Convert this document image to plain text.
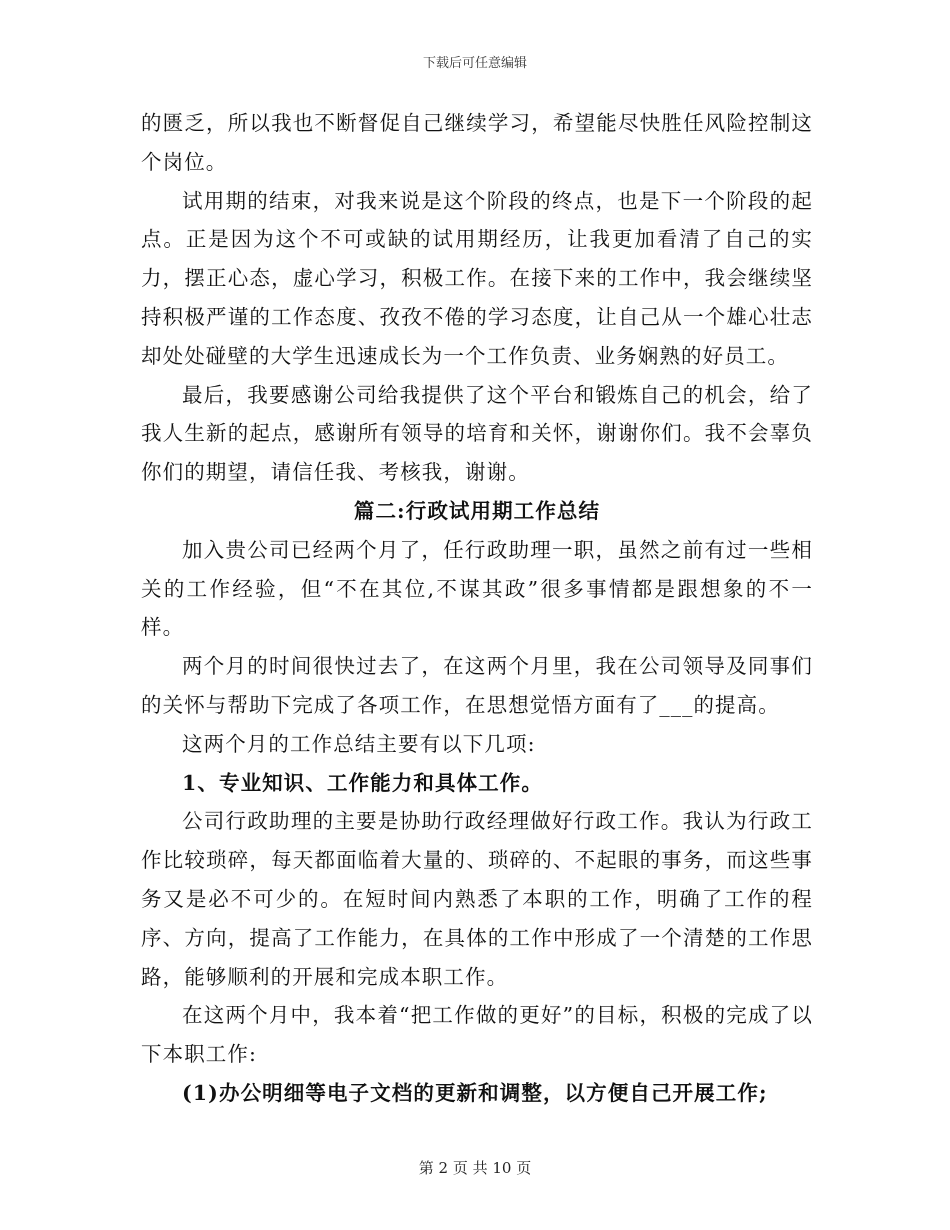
下载后可任意编辑

的匮乏，所以我也不断督促自己继续学习，希望能尽快胜任风险控制这个岗位。

试用期的结束，对我来说是这个阶段的终点，也是下一个阶段的起点。正是因为这个不可或缺的试用期经历，让我更加看清了自己的实力，摆正心态，虚心学习，积极工作。在接下来的工作中，我会继续坚持积极严谨的工作态度、孜孜不倦的学习态度，让自己从一个雄心壮志却处处碰壁的大学生迅速成长为一个工作负责、业务娴熟的好员工。

最后，我要感谢公司给我提供了这个平台和锻炼自己的机会，给了我人生新的起点，感谢所有领导的培育和关怀，谢谢你们。我不会辜负你们的期望，请信任我、考核我，谢谢。

篇二:行政试用期工作总结

加入贵公司已经两个月了，任行政助理一职，虽然之前有过一些相关的工作经验，但“不在其位,不谋其政”很多事情都是跟想象的不一样。

两个月的时间很快过去了，在这两个月里，我在公司领导及同事们的关怀与帮助下完成了各项工作，在思想觉悟方面有了___的提高。

这两个月的工作总结主要有以下几项:

1、专业知识、工作能力和具体工作。

公司行政助理的主要是协助行政经理做好行政工作。我认为行政工作比较琐碎，每天都面临着大量的、琐碎的、不起眼的事务，而这些事务又是必不可少的。在短时间内熟悉了本职的工作，明确了工作的程序、方向，提高了工作能力，在具体的工作中形成了一个清楚的工作思路，能够顺利的开展和完成本职工作。

在这两个月中，我本着“把工作做的更好”的目标，积极的完成了以下本职工作:

(1)办公明细等电子文档的更新和调整，以方便自己开展工作;

第 2 页 共 10 页
